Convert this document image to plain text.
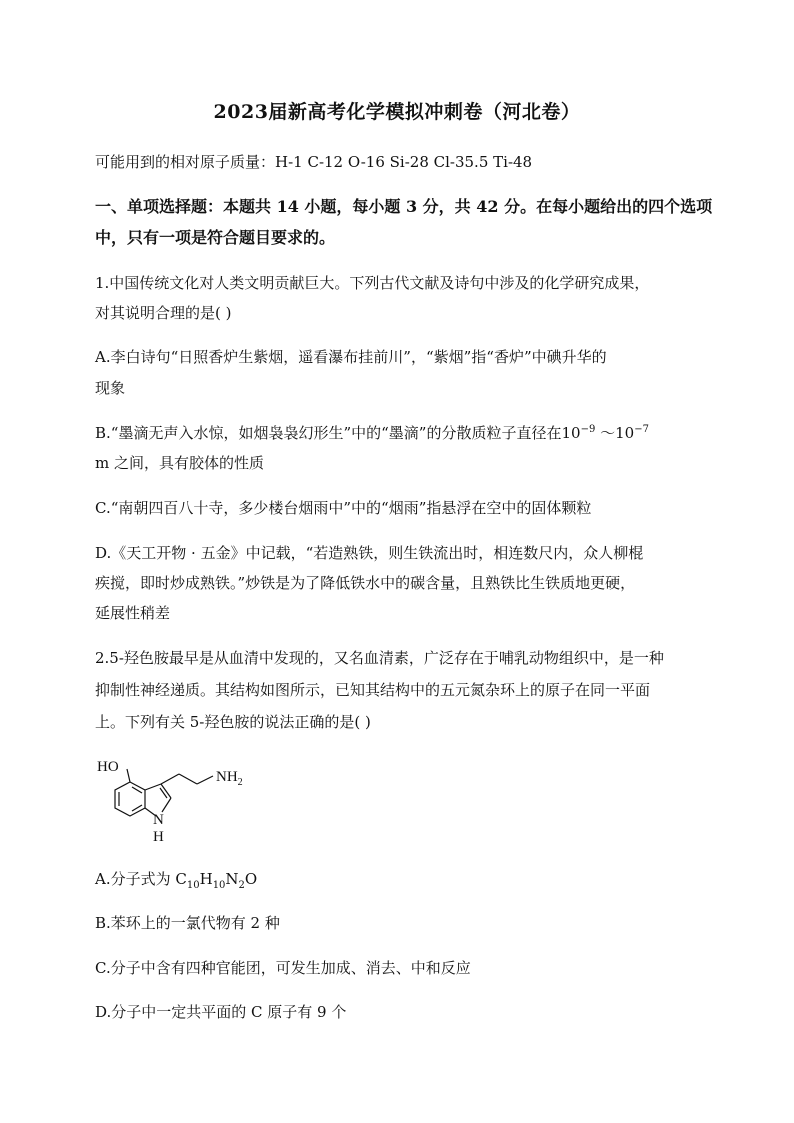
2023届新高考化学模拟冲刺卷（河北卷）
可能用到的相对原子质量：H-1 C-12 O-16 Si-28 Cl-35.5 Ti-48
一、单项选择题：本题共 14 小题，每小题 3 分，共 42 分。在每小题给出的四个选项
中，只有一项是符合题目要求的。
1.中国传统文化对人类文明贡献巨大。下列古代文献及诗句中涉及的化学研究成果，
对其说明合理的是( )
A.李白诗句“日照香炉生紫烟，遥看瀑布挂前川”，“紫烟”指“香炉”中碘升华的
现象
B.“墨滴无声入水惊，如烟袅袅幻形生”中的“墨滴”的分散质粒子直径在$10^{-9}$ $\sim 10^{-7}$
m 之间，具有胶体的性质
C.“南朝四百八十寺，多少楼台烟雨中”中的“烟雨”指悬浮在空中的固体颗粒
D.《天工开物 · 五金》中记载，“若造熟铁，则生铁流出时，相连数尺内，众人柳棍
疾搅，即时炒成熟铁。”炒铁是为了降低铁水中的碳含量，且熟铁比生铁质地更硬，
延展性稍差
2.5-羟色胺最早是从血清中发现的，又名血清素，广泛存在于哺乳动物组织中，是一种
抑制性神经递质。其结构如图所示，已知其结构中的五元氮杂环上的原子在同一平面
上。下列有关 5-羟色胺的说法正确的是( )
HO
$NH_2$
N
H
A.分子式为 $C_{10}H_{10}N_2O$
B.苯环上的一氯代物有 2 种
C.分子中含有四种官能团，可发生加成、消去、中和反应
D.分子中一定共平面的 C 原子有 9 个
